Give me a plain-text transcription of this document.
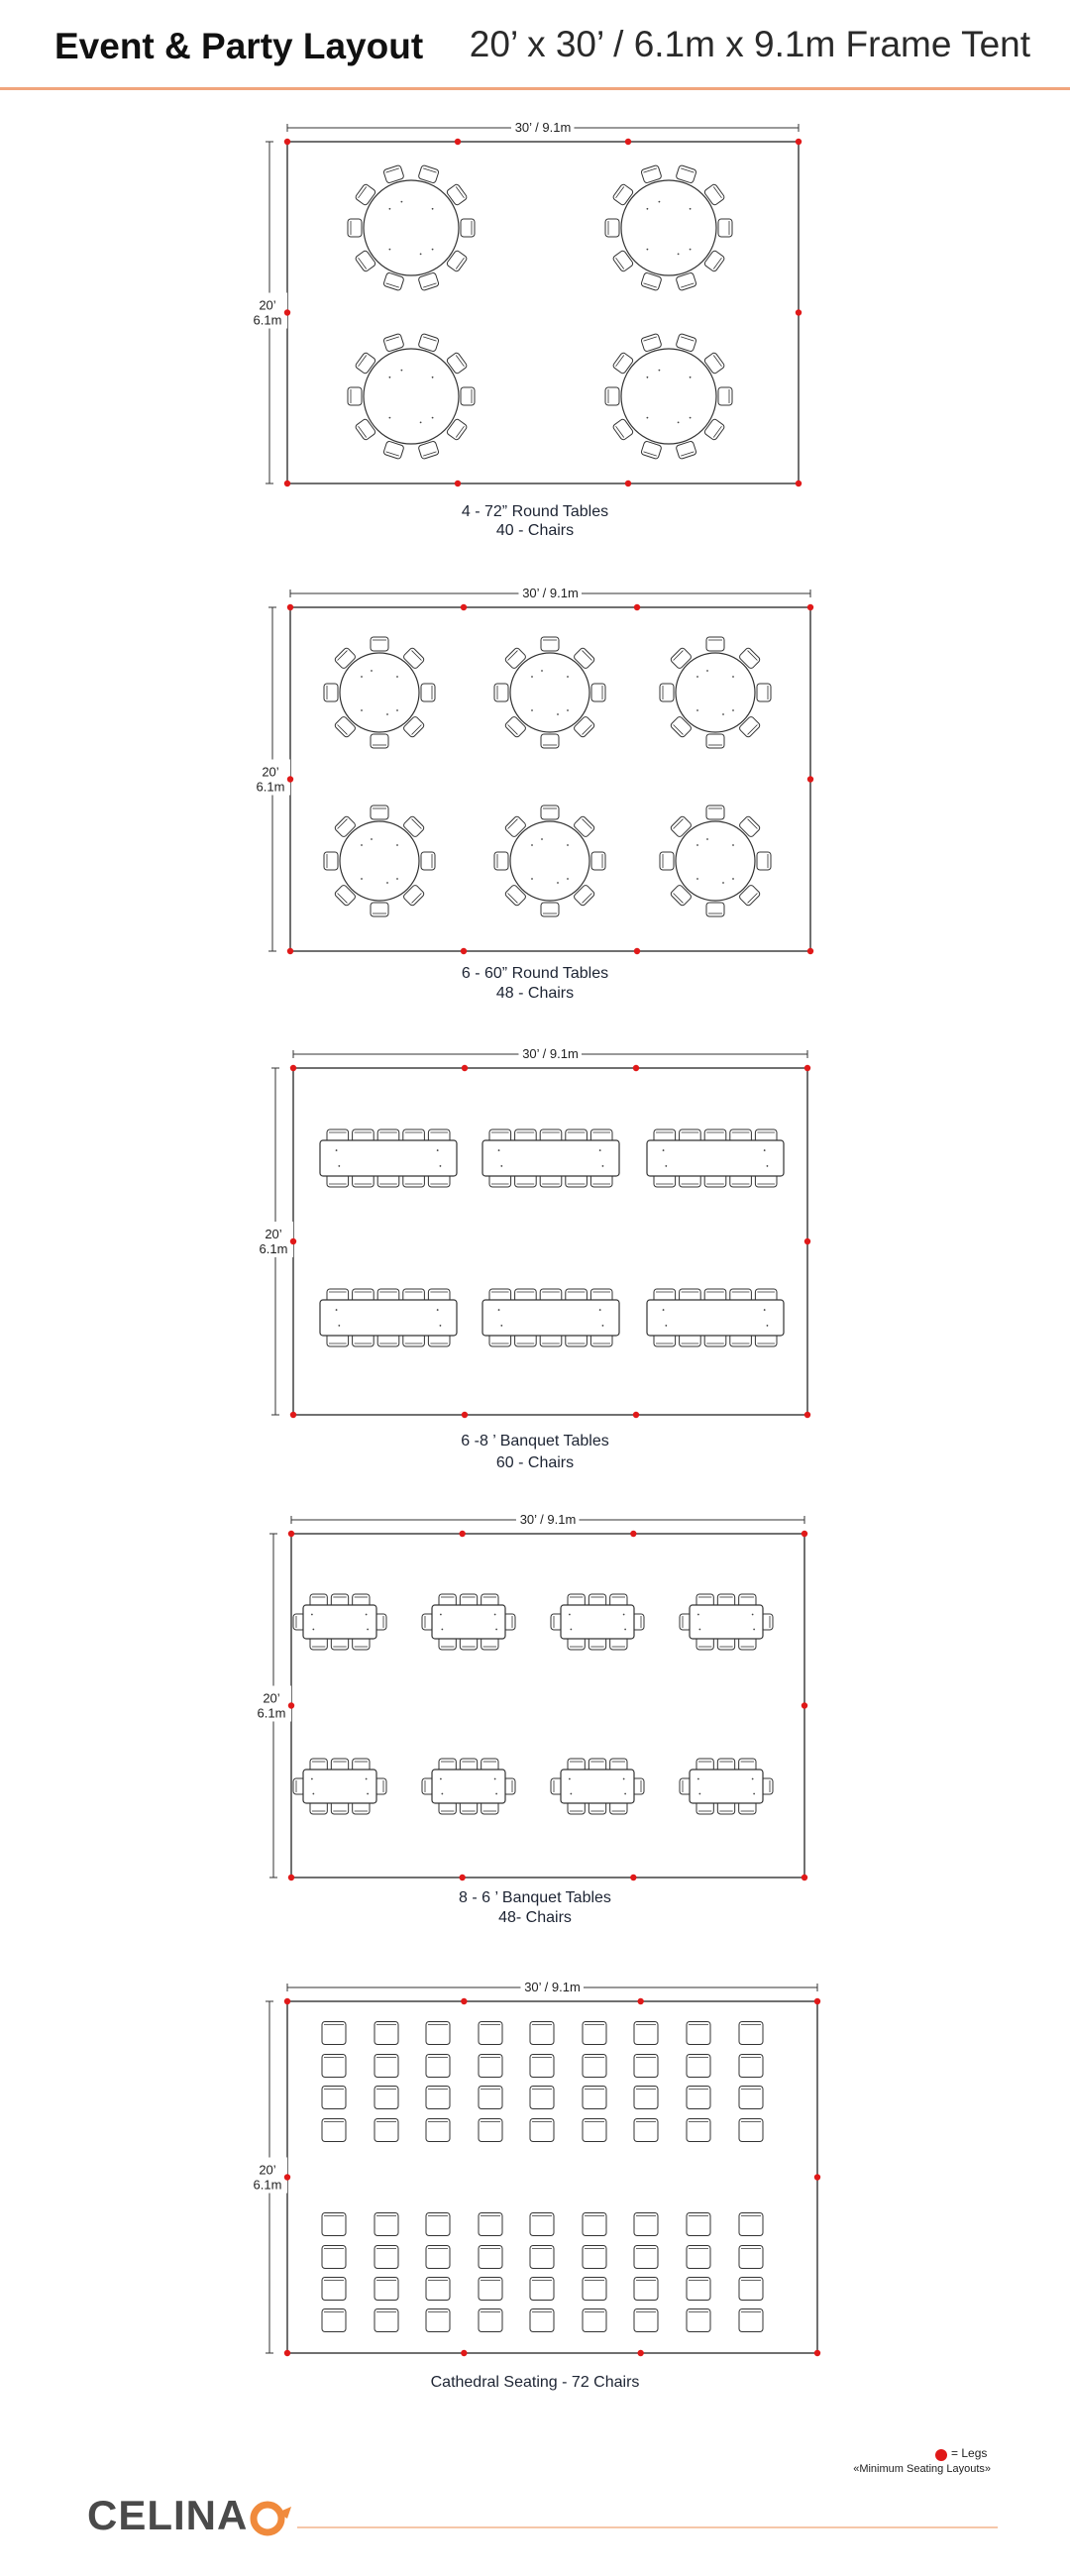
Event & Party Layout 20’ x 30’ / 6.1m x 9.1m Frame Tent
30’ / 9.1m
20’
6.1m
4 - 72” Round Tables
40 - Chairs
30’ / 9.1m
20’
6.1m
6 - 60” Round Tables
48 - Chairs
30’ / 9.1m
20’
6.1m
6 -8 ’ Banquet Tables
60 - Chairs
30’ / 9.1m
20’
6.1m
8 - 6 ’ Banquet Tables
48- Chairs
30’ / 9.1m
20’
6.1m
Cathedral Seating - 72 Chairs
= Legs
«Minimum Seating Layouts»
CELINA
